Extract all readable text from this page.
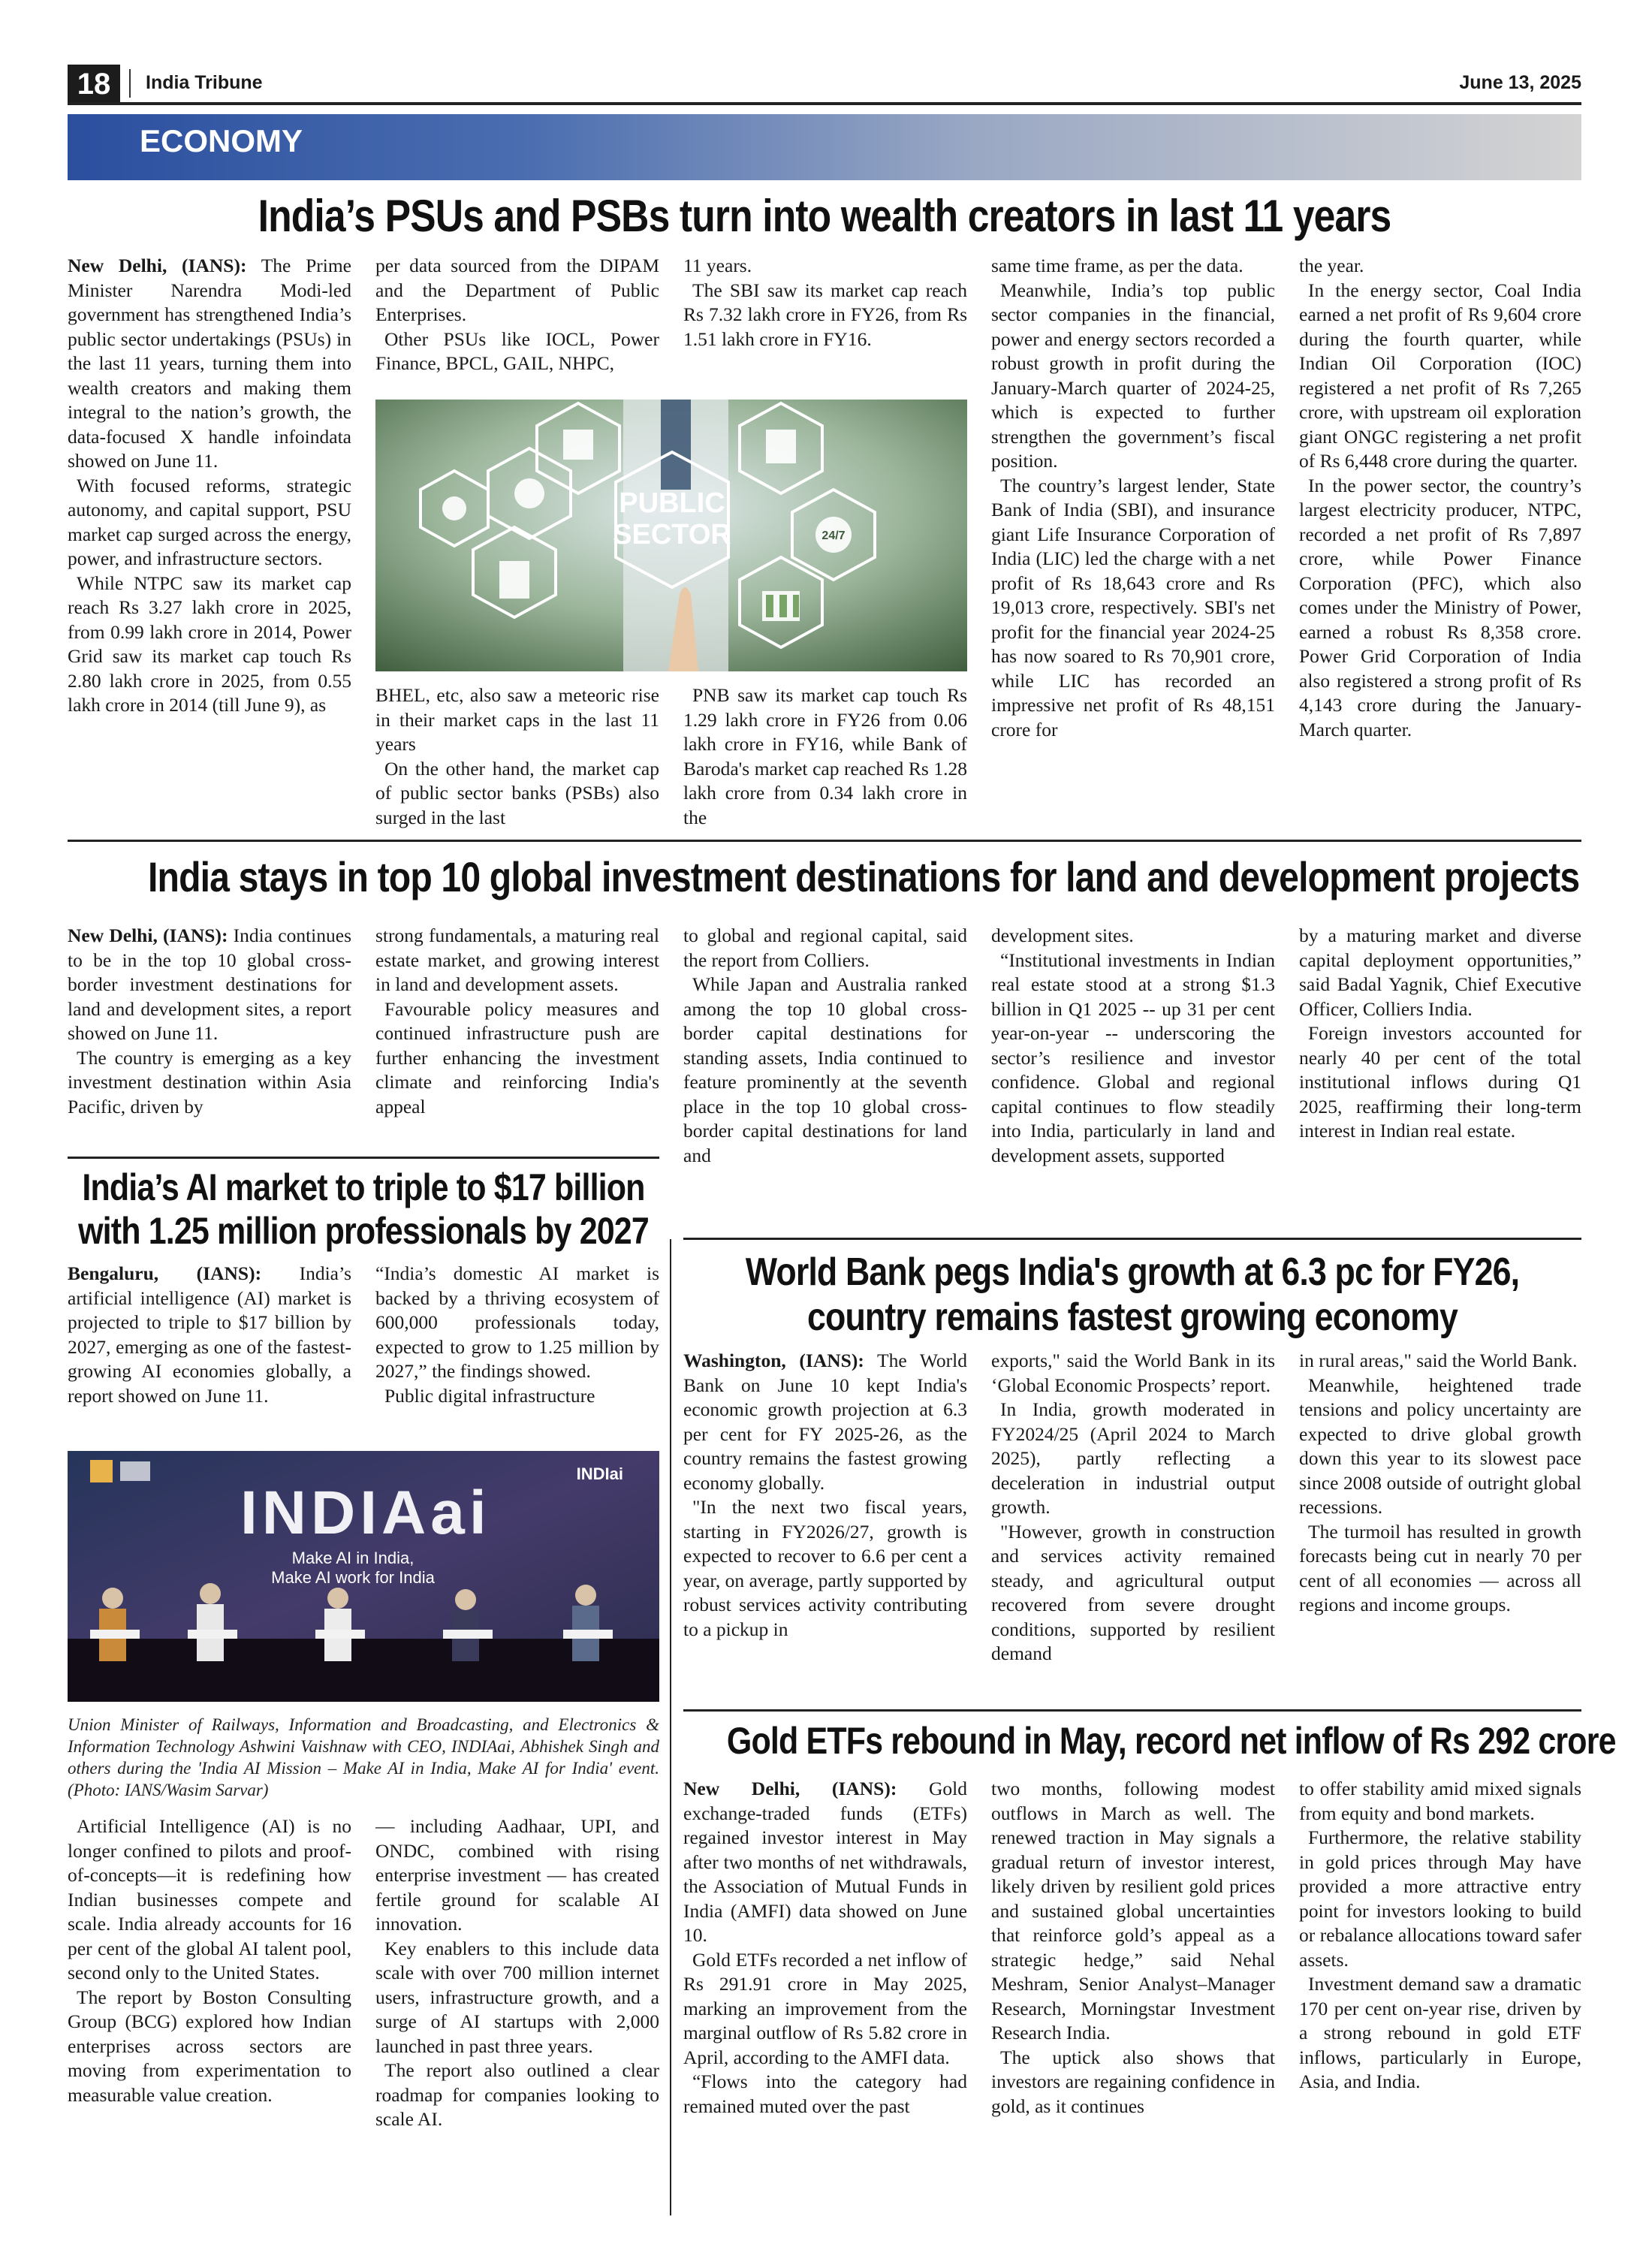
18	India Tribune	June 13, 2025
ECONOMY
India’s PSUs and PSBs turn into wealth creators in last 11 years

New Delhi, (IANS): The Prime Minister Narendra Modi-led government has strengthened India’s public sector undertakings (PSUs) in the last 11 years, turning them into wealth creators and making them integral to the nation’s growth, the data-focused X handle infoindata showed on June 11.

With focused reforms, strategic autonomy, and capital support, PSU market cap surged across the energy, power, and infrastructure sectors.

While NTPC saw its market cap reach Rs 3.27 lakh crore in 2025, from 0.99 lakh crore in 2014, Power Grid saw its market cap touch Rs 2.80 lakh crore in 2025, from 0.55 lakh crore in 2014 (till June 9), as

per data sourced from the DIPAM and the Department of Public Enterprises.

Other PSUs like IOCL, Power Finance, BPCL, GAIL, NHPC,

11 years.

The SBI saw its market cap reach Rs 7.32 lakh crore in FY26, from Rs 1.51 lakh crore in FY16.

PUBLIC
SECTOR	24/7

BHEL, etc, also saw a meteoric rise in their market caps in the last 11 years

On the other hand, the market cap of public sector banks (PSBs) also surged in the last

PNB saw its market cap touch Rs 1.29 lakh crore in FY26 from 0.06 lakh crore in FY16, while Bank of Baroda's market cap reached Rs 1.28 lakh crore from 0.34 lakh crore in the

same time frame, as per the data.

Meanwhile, India’s top public sector companies in the financial, power and energy sectors recorded a robust growth in profit during the January-March quarter of 2024-25, which is expected to further strengthen the government’s fiscal position.

The country’s largest lender, State Bank of India (SBI), and insurance giant Life Insurance Corporation of India (LIC) led the charge with a net profit of Rs 18,643 crore and Rs 19,013 crore, respectively. SBI's net profit for the financial year 2024-25 has now soared to Rs 70,901 crore, while LIC has recorded an impressive net profit of Rs 48,151 crore for

the year.

In the energy sector, Coal India earned a net profit of Rs 9,604 crore during the fourth quarter, while Indian Oil Corporation (IOC) registered a net profit of Rs 7,265 crore, with upstream oil exploration giant ONGC registering a net profit of Rs 6,448 crore during the quarter.

In the power sector, the country’s largest electricity producer, NTPC, recorded a net profit of Rs 7,897 crore, while Power Finance Corporation (PFC), which also comes under the Ministry of Power, earned a robust Rs 8,358 crore. Power Grid Corporation of India also registered a strong profit of Rs 4,143 crore during the January-March quarter.

India stays in top 10 global investment destinations for land and development projects

New Delhi, (IANS): India continues to be in the top 10 global cross-border investment destinations for land and development sites, a report showed on June 11.

The country is emerging as a key investment destination within Asia Pacific, driven by

strong fundamentals, a maturing real estate market, and growing interest in land and development assets.

Favourable policy measures and continued infrastructure push are further enhancing the investment climate and reinforcing India's appeal

to global and regional capital, said the report from Colliers.

While Japan and Australia ranked among the top 10 global cross-border capital destinations for standing assets, India continued to feature prominently at the seventh place in the top 10 global cross-border capital destinations for land and

development sites.

“Institutional investments in Indian real estate stood at a strong $1.3 billion in Q1 2025 -- up 31 per cent year-on-year -- underscoring the sector’s resilience and investor confidence. Global and regional capital continues to flow steadily into India, particularly in land and development assets, supported

by a maturing market and diverse capital deployment opportunities,” said Badal Yagnik, Chief Executive Officer, Colliers India.

Foreign investors accounted for nearly 40 per cent of the total institutional inflows during Q1 2025, reaffirming their long-term interest in Indian real estate.

India’s AI market to triple to $17 billion
with 1.25 million professionals by 2027

Bengaluru, (IANS): India’s artificial intelligence (AI) market is projected to triple to $17 billion by 2027, emerging as one of the fastest-growing AI economies globally, a report showed on June 11.

“India’s domestic AI market is backed by a thriving ecosystem of 600,000 professionals today, expected to grow to 1.25 million by 2027,” the findings showed.

Public digital infrastructure

INDIai
INDIAai
Make AI in India,
Make AI work for India
Union Minister of Railways, Information and Broadcasting, and Electronics & Information Technology Ashwini Vaishnaw with CEO, INDIAai, Abhishek Singh and others during the 'India AI Mission – Make AI in India, Make AI for India' event. (Photo: IANS/Wasim Sarvar)

Artificial Intelligence (AI) is no longer confined to pilots and proof-of-concepts—it is redefining how Indian businesses compete and scale. India already accounts for 16 per cent of the global AI talent pool, second only to the United States.

The report by Boston Consulting Group (BCG) explored how Indian enterprises across sectors are moving from experimentation to measurable value creation.

— including Aadhaar, UPI, and ONDC, combined with rising enterprise investment — has created fertile ground for scalable AI innovation.

Key enablers to this include data scale with over 700 million internet users, infrastructure growth, and a surge of AI startups with 2,000 launched in past three years.

The report also outlined a clear roadmap for companies looking to scale AI.

World Bank pegs India's growth at 6.3 pc for FY26,
country remains fastest growing economy

Washington, (IANS): The World Bank on June 10 kept India's economic growth projection at 6.3 per cent for FY 2025-26, as the country remains the fastest growing economy globally.

"In the next two fiscal years, starting in FY2026/27, growth is expected to recover to 6.6 per cent a year, on average, partly supported by robust services activity contributing to a pickup in

exports," said the World Bank in its ‘Global Economic Prospects’ report.

In India, growth moderated in FY2024/25 (April 2024 to March 2025), partly reflecting a deceleration in industrial output growth.

"However, growth in construction and services activity remained steady, and agricultural output recovered from severe drought conditions, supported by resilient demand

in rural areas," said the World Bank.

Meanwhile, heightened trade tensions and policy uncertainty are expected to drive global growth down this year to its slowest pace since 2008 outside of outright global recessions.

The turmoil has resulted in growth forecasts being cut in nearly 70 per cent of all economies — across all regions and income groups.

Gold ETFs rebound in May, record net inflow of Rs 292 crore

New Delhi, (IANS): Gold exchange-traded funds (ETFs) regained investor interest in May after two months of net withdrawals, the Association of Mutual Funds in India (AMFI) data showed on June 10.

Gold ETFs recorded a net inflow of Rs 291.91 crore in May 2025, marking an improvement from the marginal outflow of Rs 5.82 crore in April, according to the AMFI data.

“Flows into the category had remained muted over the past

two months, following modest outflows in March as well. The renewed traction in May signals a gradual return of investor interest, likely driven by resilient gold prices and sustained global uncertainties that reinforce gold’s appeal as a strategic hedge,” said Nehal Meshram, Senior Analyst–Manager Research, Morningstar Investment Research India.

The uptick also shows that investors are regaining confidence in gold, as it continues

to offer stability amid mixed signals from equity and bond markets.

Furthermore, the relative stability in gold prices through May have provided a more attractive entry point for investors looking to build or rebalance allocations toward safer assets.

Investment demand saw a dramatic 170 per cent on-year rise, driven by a strong rebound in gold ETF inflows, particularly in Europe, Asia, and India.
